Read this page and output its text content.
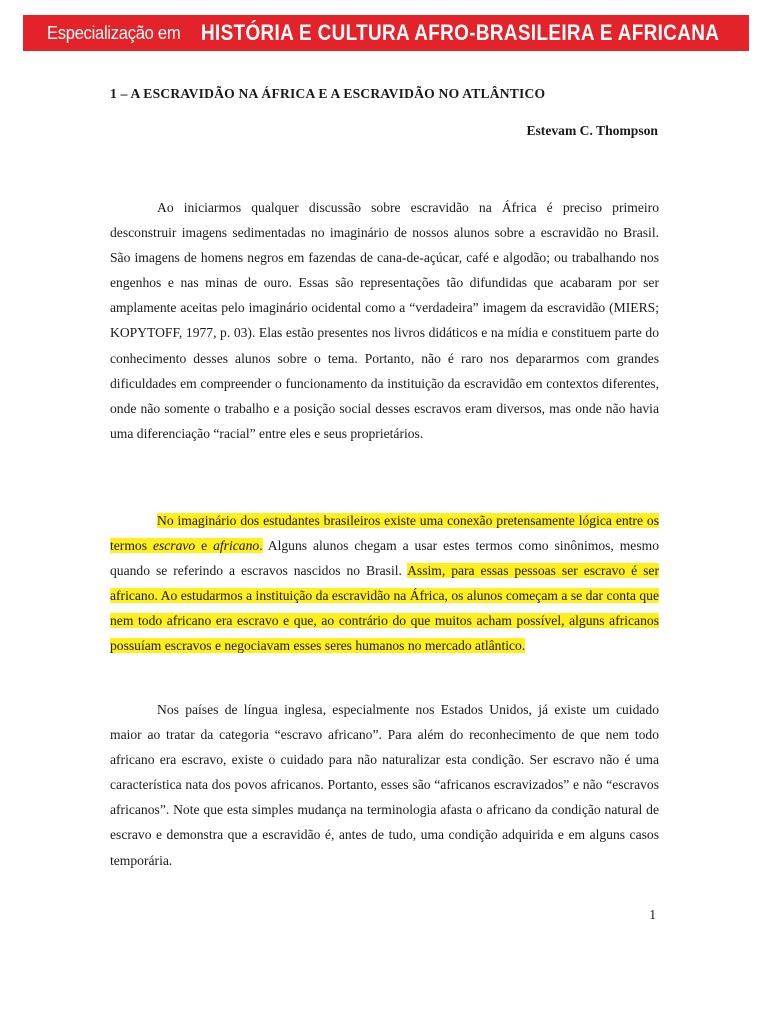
Especialização em HISTÓRIA E CULTURA AFRO-BRASILEIRA E AFRICANA
1 – A ESCRAVIDÃO NA ÁFRICA E A ESCRAVIDÃO NO ATLÂNTICO
Estevam C. Thompson

Ao iniciarmos qualquer discussão sobre escravidão na África é preciso primeiro desconstruir imagens sedimentadas no imaginário de nossos alunos sobre a escravidão no Brasil. São imagens de homens negros em fazendas de cana-de-açúcar, café e algodão; ou trabalhando nos engenhos e nas minas de ouro. Essas são representações tão difundidas que acabaram por ser amplamente aceitas pelo imaginário ocidental como a “verdadeira” imagem da escravidão (MIERS; KOPYTOFF, 1977, p. 03). Elas estão presentes nos livros didáticos e na mídia e constituem parte do conhecimento desses alunos sobre o tema. Portanto, não é raro nos depararmos com grandes dificuldades em compreender o funcionamento da instituição da escravidão em contextos diferentes, onde não somente o trabalho e a posição social desses escravos eram diversos, mas onde não havia uma diferenciação “racial” entre eles e seus proprietários.

No imaginário dos estudantes brasileiros existe uma conexão pretensamente lógica entre os termos escravo e africano. Alguns alunos chegam a usar estes termos como sinônimos, mesmo quando se referindo a escravos nascidos no Brasil. Assim, para essas pessoas ser escravo é ser africano. Ao estudarmos a instituição da escravidão na África, os alunos começam a se dar conta que nem todo africano era escravo e que, ao contrário do que muitos acham possível, alguns africanos possuíam escravos e negociavam esses seres humanos no mercado atlântico.

Nos países de língua inglesa, especialmente nos Estados Unidos, já existe um cuidado maior ao tratar da categoria “escravo africano”. Para além do reconhecimento de que nem todo africano era escravo, existe o cuidado para não naturalizar esta condição. Ser escravo não é uma característica nata dos povos africanos. Portanto, esses são “africanos escravizados” e não “escravos africanos”. Note que esta simples mudança na terminologia afasta o africano da condição natural de escravo e demonstra que a escravidão é, antes de tudo, uma condição adquirida e em alguns casos temporária.

1
